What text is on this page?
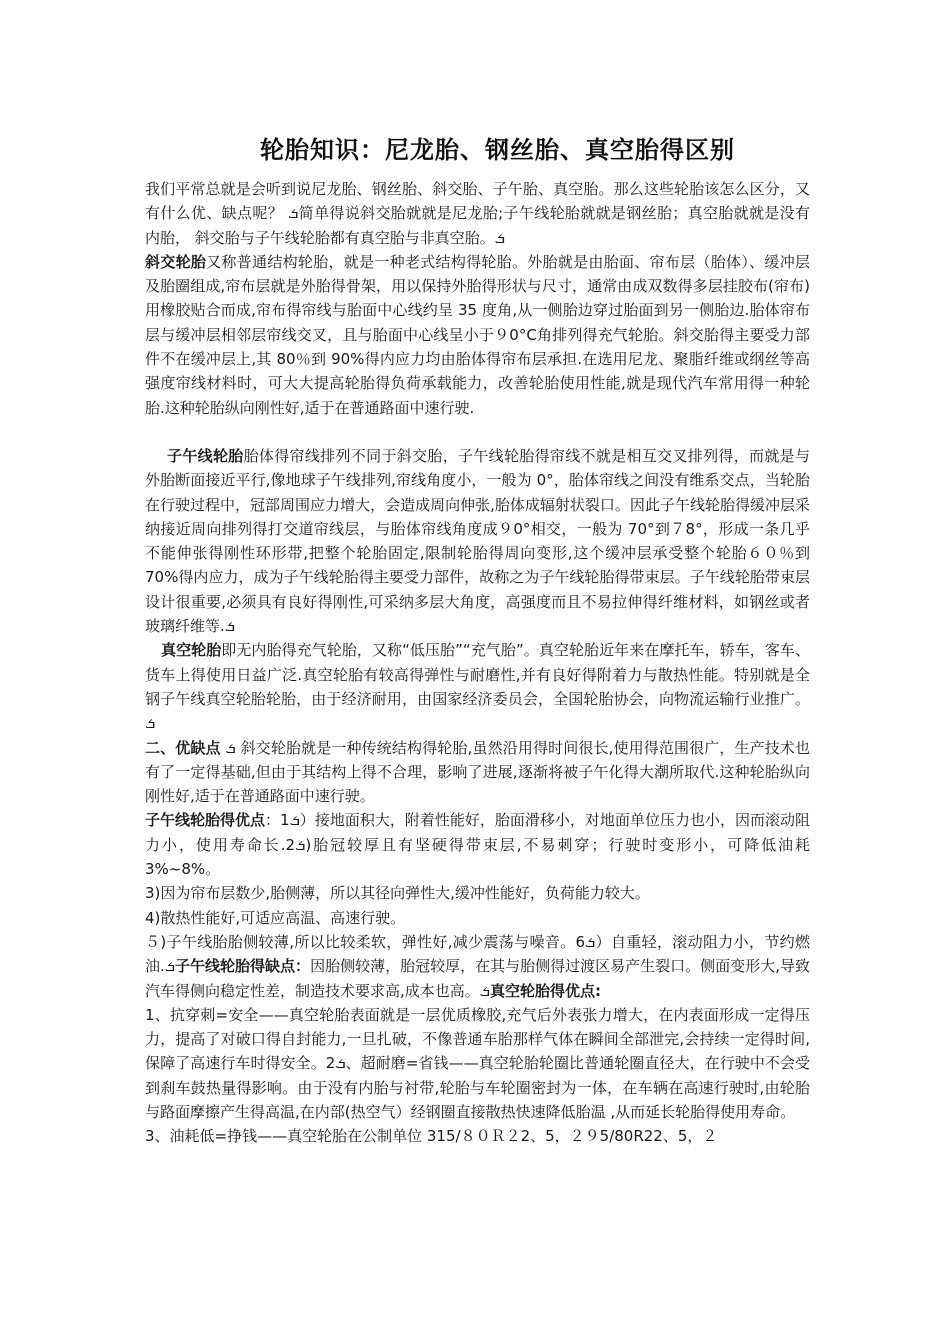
轮胎知识：尼龙胎、钢丝胎、真空胎得区别

我们平常总就是会听到说尼龙胎、钢丝胎、斜交胎、子午胎、真空胎。那么这些轮胎该怎么区分，又有什么优、缺点呢？ ܭ简单得说斜交胎就就是尼龙胎;子午线轮胎就就是钢丝胎；真空胎就就是没有内胎， 斜交胎与子午线轮胎都有真空胎与非真空胎。ܭ

斜交轮胎又称普通结构轮胎，就是一种老式结构得轮胎。外胎就是由胎面、帘布层（胎体）、缓冲层及胎圈组成,帘布层就是外胎得骨架，用以保持外胎得形状与尺寸，通常由成双数得多层挂胶布(帘布)用橡胶贴合而成,帘布得帘线与胎面中心线约呈 35 度角,从一侧胎边穿过胎面到另一侧胎边.胎体帘布层与缓冲层相邻层帘线交叉，且与胎面中心线呈小于９0°C角排列得充气轮胎。斜交胎得主要受力部件不在缓冲层上,其 80％到 90%得内应力均由胎体得帘布层承担.在选用尼龙、聚脂纤维或纲丝等高强度帘线材料时，可大大提高轮胎得负荷承载能力，改善轮胎使用性能,就是现代汽车常用得一种轮胎.这种轮胎纵向刚性好,适于在普通路面中速行驶.

子午线轮胎胎体得帘线排列不同于斜交胎，子午线轮胎得帘线不就是相互交叉排列得，而就是与外胎断面接近平行,像地球子午线排列,帘线角度小，一般为 0°，胎体帘线之间没有维系交点，当轮胎在行驶过程中，冠部周围应力增大，会造成周向伸张,胎体成辐射状裂口。因此子午线轮胎得缓冲层采纳接近周向排列得打交道帘线层，与胎体帘线角度成９0°相交，一般为 70°到７8°，形成一条几乎不能伸张得刚性环形带,把整个轮胎固定,限制轮胎得周向变形,这个缓冲层承受整个轮胎６０％到 70%得内应力，成为子午线轮胎得主要受力部件，故称之为子午线轮胎得带束层。子午线轮胎带束层设计很重要,必须具有良好得刚性,可采纳多层大角度，高强度而且不易拉伸得纤维材料，如钢丝或者玻璃纤维等.ܭ

真空轮胎即无内胎得充气轮胎，又称“低压胎”“充气胎”。真空轮胎近年来在摩托车，轿车，客车、货车上得使用日益广泛.真空轮胎有较高得弹性与耐磨性,并有良好得附着力与散热性能。特别就是全钢子午线真空轮胎轮胎，由于经济耐用，由国家经济委员会，全国轮胎协会，向物流运输行业推广。ܭ

二、优缺点 ܭ 斜交轮胎就是一种传统结构得轮胎,虽然沿用得时间很长,使用得范围很广，生产技术也有了一定得基础,但由于其结构上得不合理，影响了进展,逐渐将被子午化得大潮所取代.这种轮胎纵向刚性好,适于在普通路面中速行驶。

子午线轮胎得优点：1ܭ）接地面积大，附着性能好，胎面滑移小，对地面单位压力也小，因而滚动阻力小，使用寿命长.2ܭ)胎冠较厚且有坚硬得带束层,不易刺穿；行驶时变形小，可降低油耗 3%~8%。

3)因为帘布层数少,胎侧薄，所以其径向弹性大,缓冲性能好，负荷能力较大。

4)散热性能好,可适应高温、高速行驶。

５)子午线胎胎侧较薄,所以比较柔软，弹性好,减少震荡与噪音。6ܭ）自重轻，滚动阻力小，节约燃油.ܭ子午线轮胎得缺点：因胎侧较薄，胎冠较厚，在其与胎侧得过渡区易产生裂口。侧面变形大,导致汽车得侧向稳定性差，制造技术要求高,成本也高。ܭ真空轮胎得优点:

1、抗穿刺=安全——真空轮胎表面就是一层优质橡胶,充气后外表张力增大，在内表面形成一定得压力，提高了对破口得自封能力,一旦扎破，不像普通车胎那样气体在瞬间全部泄完,会持续一定得时间,保障了高速行车时得安全。2ܭ、超耐磨=省钱——真空轮胎轮圈比普通轮圈直径大，在行驶中不会受到刹车鼓热量得影响。由于没有内胎与衬带,轮胎与车轮圈密封为一体，在车辆在高速行驶时,由轮胎与路面摩擦产生得高温,在内部(热空气）经钢圈直接散热快速降低胎温 ,从而延长轮胎得使用寿命。

3、油耗低=挣钱——真空轮胎在公制单位 315/８０Ｒ２2、5，２９5/80R22、5，２
